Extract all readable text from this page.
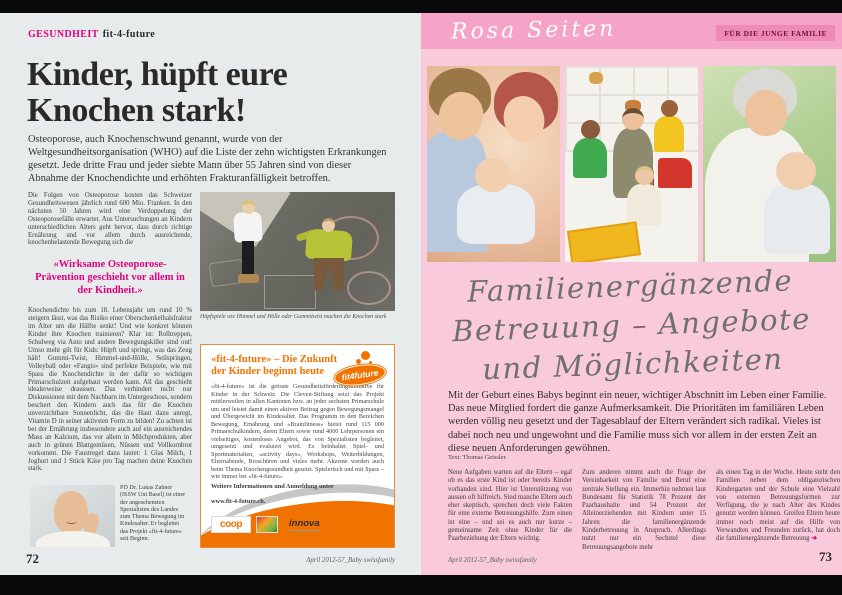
GESUNDHEIT fit-4-future
Kinder, hüpft eure
Knochen stark!

Osteoporose, auch Knochenschwund genannt, wurde von der Weltgesundheitsorganisation (WHO) auf die Liste der zehn wichtigsten Erkrankungen gesetzt. Jede dritte Frau und jeder siebte Mann über 55 Jahren sind von dieser Abnahme der Knochendichte und erhöhten Frakturanfälligkeit betroffen.

Die Folgen von Osteoporose kosten das Schweizer Gesundheitswesen jährlich rund 600 Mio. Franken. In den nächsten 50 Jahren wird eine Verdoppelung der Osteoporosefälle erwartet. Aus Untersuchungen an Kindern unterschiedlichen Alters geht hervor, dass durch richtige Ernährung und vor allem durch ausreichende, knochenbelastende Bewegung sich die

«Wirksame Osteoporose-Prävention geschieht vor allem in der Kindheit.»

Knochendichte bis zum 18. Lebensjahr um rund 10 % steigern lässt, was das Risiko einer Oberschenkelhalsfraktur im Alter um die Hälfte senkt! Und wie konkret können Kinder ihre Knochen trainieren? Klar ist: Rolltreppen, Schulweg via Auto und andere Bewegungskiller sind out! Umso mehr gilt für Kids: Hüpft und springt, was das Zeug hält! Gummi-Twist, Himmel-und-Hölle, Seilspringen, Volleyball oder «Fangis» sind perfekte Beispiele, wie mit Spass die Knochendichte in der dafür so wichtigen Primarschulzeit aufgebaut werden kann. All das geschieht idealerweise draussen. Das verhindert nicht nur Diskussionen mit dem Nachbarn im Untergeschoss, sondern beschert den Kindern auch das für die Knochen unverzichtbare Sonnenlicht, das die Haut dazu anregt, Vitamin D in seiner aktivsten Form zu bilden! Zu achten ist bei der Ernährung insbesondere auch auf ein ausreichendes Mass an Kalzium, das vor allem in Milchprodukten, aber auch in grünen Blattgemüsen, Nüssen und Vollkornbrot vorkommt. Die Faustregel dazu lautet: 1 Glas Milch, 1 Joghurt und 1 Stück Käse pro Tag machen deine Knochen stark.

PD Dr. Lukas Zahner (ISSW Uni Basel) ist einer der angesehensten Spezialisten des Landes zum Thema Bewegung im Kindesalter. Er begleitet das Projekt «fit-4-future» seit Beginn.
72	April 2012-57_Baby swissfamily
Hüpfspiele wie Himmel und Hölle oder Gummitwist machen die Knochen stark
fit4future
«fit-4-future» – Die Zukunft der Kinder beginnt heute

«fit-4-future» ist die grösste Gesundheitsförderungsinitiative für Kinder in der Schweiz. Die Cleven-Stiftung setzt das Projekt mittlerweilen in allen Kantonen bzw. an jeder sechsten Primarschule um und leistet damit einen aktiven Beitrag gegen Bewegungsmangel und Übergewicht im Kindesalter. Das Programm in den Bereichen Bewegung, Ernährung und «Brainfitness» bietet rund 115 000 Primarschulkindern, deren Eltern sowie rund 4000 Lehrpersonen ein vielseitiges, kostenloses Angebot, das von Spezialisten begleitet, umgesetzt und evaluiert wird. Es beinhaltet Spiel- und Sportmaterialien, «activity days», Workshops, Weiterbildungen, Elternabende, Broschüren und vieles mehr. Akzente werden auch beim Thema Knochengesundheit gesetzt. Spielerisch und mit Spass – wie immer bei «fit-4-future».

Weitere Informationen und Anmeldung unter

www.fit-4-future.ch.
coop	innova
Rosa Seiten	FÜR DIE JUNGE FAMILIE
Familienergänzende
Betreuung – Angebote
und Möglichkeiten

Mit der Geburt eines Babys beginnt ein neuer, wichtiger Abschnitt im Leben einer Familie. Das neue Mitglied fordert die ganze Aufmerksamkeit. Die Prioritäten im familiären Leben werden völlig neu gesetzt und der Tagesablauf der Eltern verändert sich radikal. Vieles ist dabei noch neu und ungewohnt und die Familie muss sich vor allem in der ersten Zeit an diese neuen Anforderungen gewöhnen.

Text: Thomas Geissler.
Neue Aufgaben warten auf die Eltern – egal ob es das erste Kind ist oder bereits Kinder vorhanden sind. Hier ist Unterstützung von aussen oft hilfreich. Sind manche Eltern auch eher skeptisch, sprechen doch viele Fakten für eine externe Betreuungshilfe. Zum einen ist eine – und sei es auch nur kurze – gemeinsame Zeit ohne Kinder für die Paarbeziehung der Eltern wichtig.
Zum anderen nimmt auch die Frage der Vereinbarkeit von Familie und Beruf eine zentrale Stellung ein. Immerhin nehmen laut Bundesamt für Statistik 78 Prozent der Paarhaushalte und 54 Prozent der Alleinerziehenden mit Kindern unter 15 Jahren die familienergänzende Kinderbetreuung in Anspruch. Allerdings nutzt nur ein Sechstel diese Betreuungsangebote mehr
als einen Tag in der Woche. Heute steht den Familien neben dem obligatorischen Kindergarten und der Schule eine Vielzahl von externen Betreuungsformen zur Verfügung, die je nach Alter des Kindes genutzt werden können. Greifen Eltern heute immer noch meist auf die Hilfe von Verwandten und Freunden zurück, hat doch die familienergänzende Betreuung ➜
April 2012-57_Baby swissfamily	73
